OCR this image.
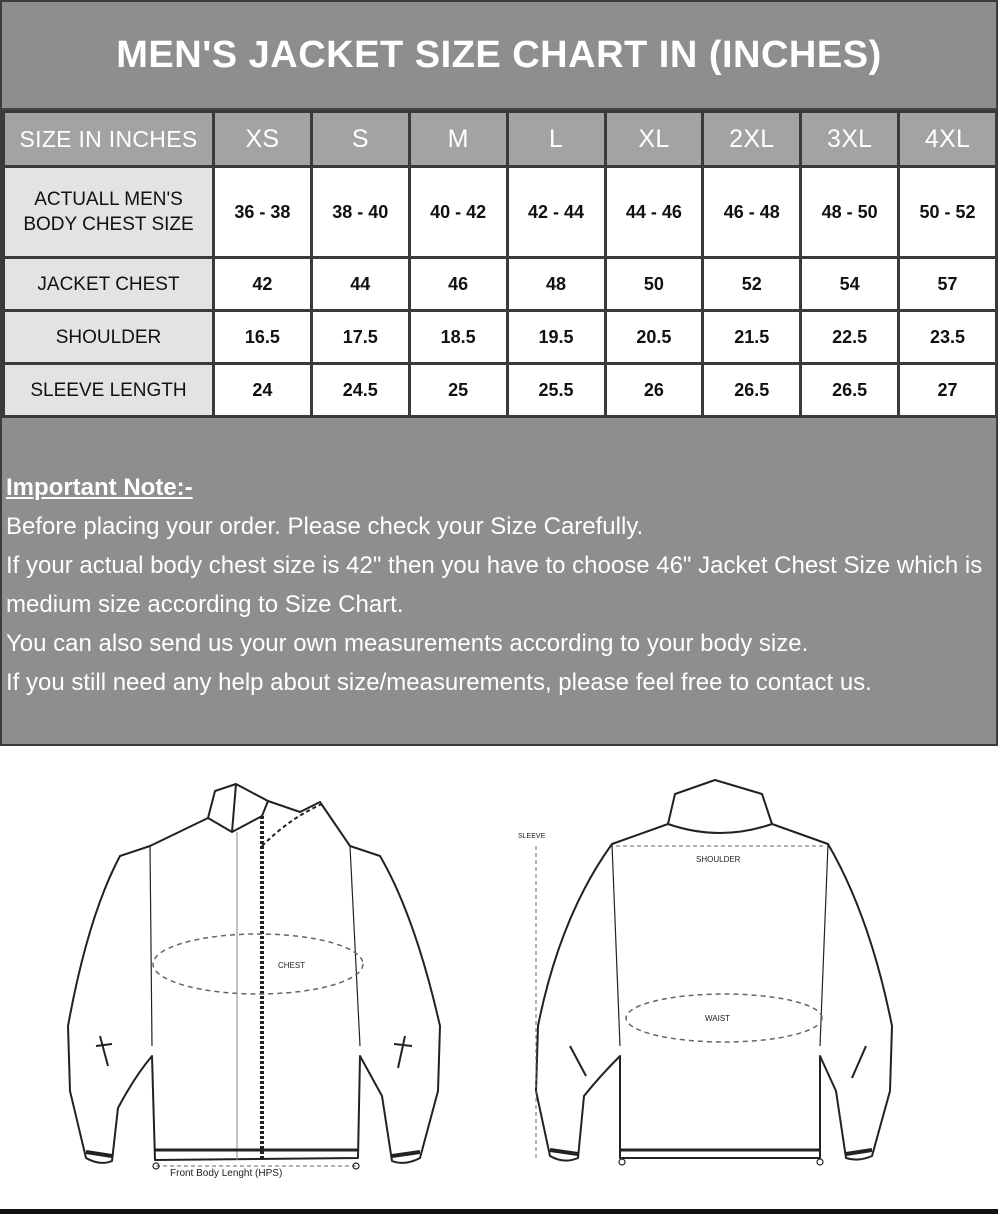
MEN'S JACKET SIZE CHART IN (INCHES)
SIZE IN INCHES	XS	S	M	L	XL	2XL	3XL	4XL
ACTUALL MEN'S
BODY CHEST SIZE	36 - 38	38 - 40	40 - 42	42 - 44	44 - 46	46 - 48	48 - 50	50 - 52
JACKET CHEST	42	44	46	48	50	52	54	57
SHOULDER	16.5	17.5	18.5	19.5	20.5	21.5	22.5	23.5
SLEEVE LENGTH	24	24.5	25	25.5	26	26.5	26.5	27
Important Note:-

Before placing your order. Please check your Size Carefully.

If your actual body chest size is 42" then you have to choose 46" Jacket Chest Size which is medium size according to Size Chart.

You can also send us your own measurements according to your body size.

If you still need any help about size/measurements, please feel free to contact us.

CHEST
Front Body Lenght (HPS)
SHOULDER
SLEEVE
WAIST
